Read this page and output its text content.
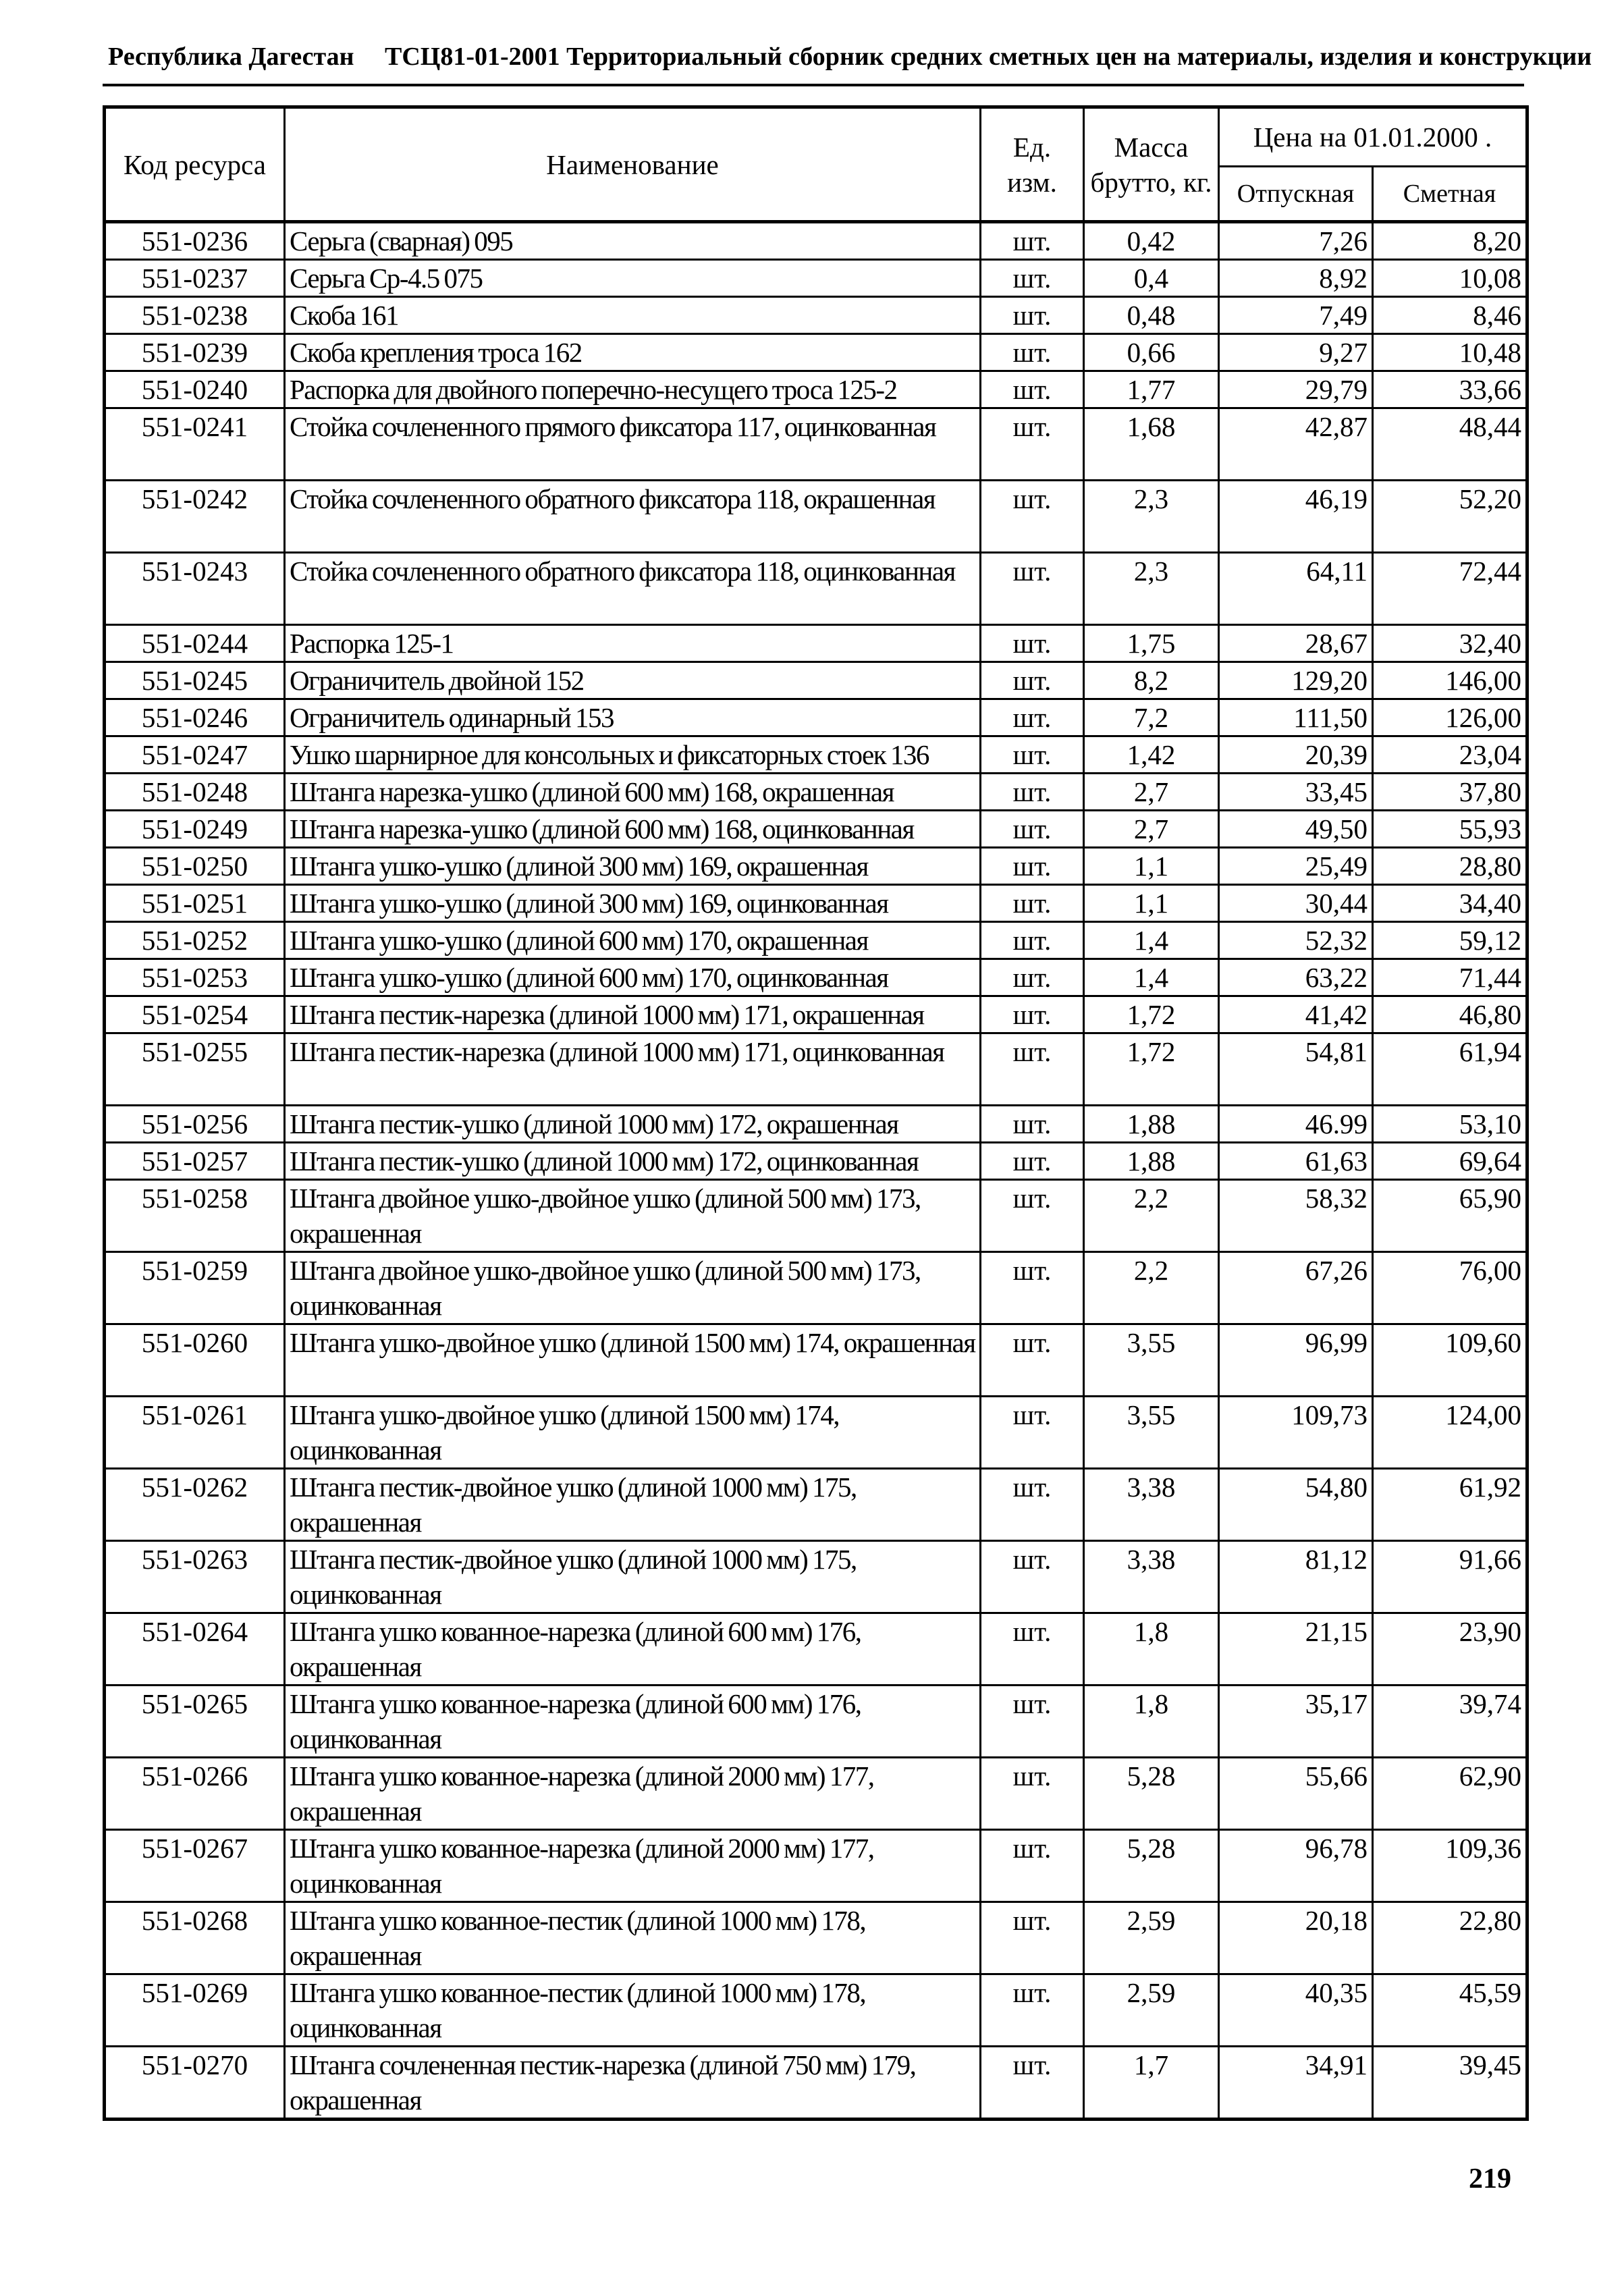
Республика Дагестан ТСЦ81-01-2001 Территориальный сборник средних сметных цен на материалы, изделия и конструкции
Код ресурса	Наименование	Ед. изм.	Масса брутто, кг.	Цена на 01.01.2000 .	
				Отпускная	Сметная
551-0236	Серьга (сварная) 095	шт.	0,42	7,26	8,20
551-0237	Серьга Ср-4.5 075	шт.	0,4	8,92	10,08
551-0238	Скоба 161	шт.	0,48	7,49	8,46
551-0239	Скоба крепления троса 162	шт.	0,66	9,27	10,48
551-0240	Распорка для двойного поперечно-несущего троса 125-2	шт.	1,77	29,79	33,66
551-0241	Стойка сочлененного прямого фиксатора 117, оцинкованная	шт.	1,68	42,87	48,44
551-0242	Стойка сочлененного обратного фиксатора 118, окрашенная	шт.	2,3	46,19	52,20
551-0243	Стойка сочлененного обратного фиксатора 118, оцинкованная	шт.	2,3	64,11	72,44
551-0244	Распорка 125-1	шт.	1,75	28,67	32,40
551-0245	Ограничитель двойной 152	шт.	8,2	129,20	146,00
551-0246	Ограничитель одинарный 153	шт.	7,2	111,50	126,00
551-0247	Ушко шарнирное для консольных и фиксаторных стоек 136	шт.	1,42	20,39	23,04
551-0248	Штанга нарезка-ушко (длиной 600 мм) 168, окрашенная	шт.	2,7	33,45	37,80
551-0249	Штанга нарезка-ушко (длиной 600 мм) 168, оцинкованная	шт.	2,7	49,50	55,93
551-0250	Штанга ушко-ушко (длиной 300 мм) 169, окрашенная	шт.	1,1	25,49	28,80
551-0251	Штанга ушко-ушко (длиной 300 мм) 169, оцинкованная	шт.	1,1	30,44	34,40
551-0252	Штанга ушко-ушко (длиной 600 мм) 170, окрашенная	шт.	1,4	52,32	59,12
551-0253	Штанга ушко-ушко (длиной 600 мм) 170, оцинкованная	шт.	1,4	63,22	71,44
551-0254	Штанга пестик-нарезка (длиной 1000 мм) 171, окрашенная	шт.	1,72	41,42	46,80
551-0255	Штанга пестик-нарезка (длиной 1000 мм) 171, оцинкованная	шт.	1,72	54,81	61,94
551-0256	Штанга пестик-ушко (длиной 1000 мм) 172, окрашенная	шт.	1,88	46.99	53,10
551-0257	Штанга пестик-ушко (длиной 1000 мм) 172, оцинкованная	шт.	1,88	61,63	69,64
551-0258	Штанга двойное ушко-двойное ушко (длиной 500 мм) 173, окрашенная	шт.	2,2	58,32	65,90
551-0259	Штанга двойное ушко-двойное ушко (длиной 500 мм) 173, оцинкованная	шт.	2,2	67,26	76,00
551-0260	Штанга ушко-двойное ушко (длиной 1500 мм) 174, окрашенная	шт.	3,55	96,99	109,60
551-0261	Штанга ушко-двойное ушко (длиной 1500 мм) 174, оцинкованная	шт.	3,55	109,73	124,00
551-0262	Штанга пестик-двойное ушко (длиной 1000 мм) 175, окрашенная	шт.	3,38	54,80	61,92
551-0263	Штанга пестик-двойное ушко (длиной 1000 мм) 175, оцинкованная	шт.	3,38	81,12	91,66
551-0264	Штанга ушко кованное-нарезка (длиной 600 мм) 176, окрашенная	шт.	1,8	21,15	23,90
551-0265	Штанга ушко кованное-нарезка (длиной 600 мм) 176, оцинкованная	шт.	1,8	35,17	39,74
551-0266	Штанга ушко кованное-нарезка (длиной 2000 мм) 177, окрашенная	шт.	5,28	55,66	62,90
551-0267	Штанга ушко кованное-нарезка (длиной 2000 мм) 177, оцинкованная	шт.	5,28	96,78	109,36
551-0268	Штанга ушко кованное-пестик (длиной 1000 мм) 178, окрашенная	шт.	2,59	20,18	22,80
551-0269	Штанга ушко кованное-пестик (длиной 1000 мм) 178, оцинкованная	шт.	2,59	40,35	45,59
551-0270	Штанга сочлененная пестик-нарезка (длиной 750 мм) 179, окрашенная	шт.	1,7	34,91	39,45
219
